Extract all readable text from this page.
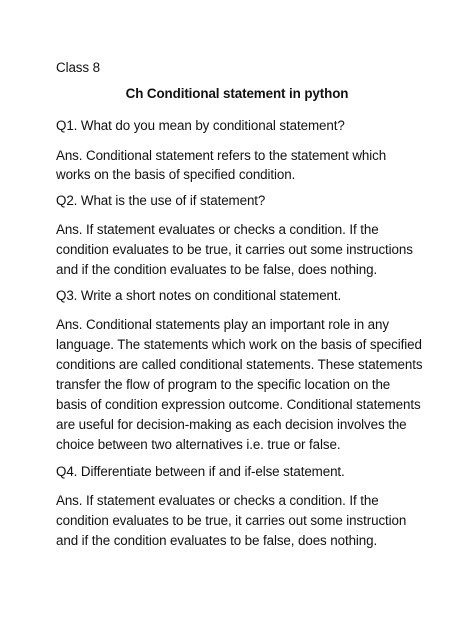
Class 8
Ch Conditional statement in python
Q1. What do you mean by conditional statement?
Ans. Conditional statement refers to the statement which
works on the basis of specified condition.
Q2. What is the use of if statement?
Ans. If statement evaluates or checks a condition. If the
condition evaluates to be true, it carries out some instructions
and if the condition evaluates to be false, does nothing.
Q3. Write a short notes on conditional statement.
Ans. Conditional statements play an important role in any
language. The statements which work on the basis of specified
conditions are called conditional statements. These statements
transfer the flow of program to the specific location on the
basis of condition expression outcome. Conditional statements
are useful for decision-making as each decision involves the
choice between two alternatives i.e. true or false.
Q4. Differentiate between if and if-else statement.
Ans. If statement evaluates or checks a condition. If the
condition evaluates to be true, it carries out some instruction
and if the condition evaluates to be false, does nothing.
